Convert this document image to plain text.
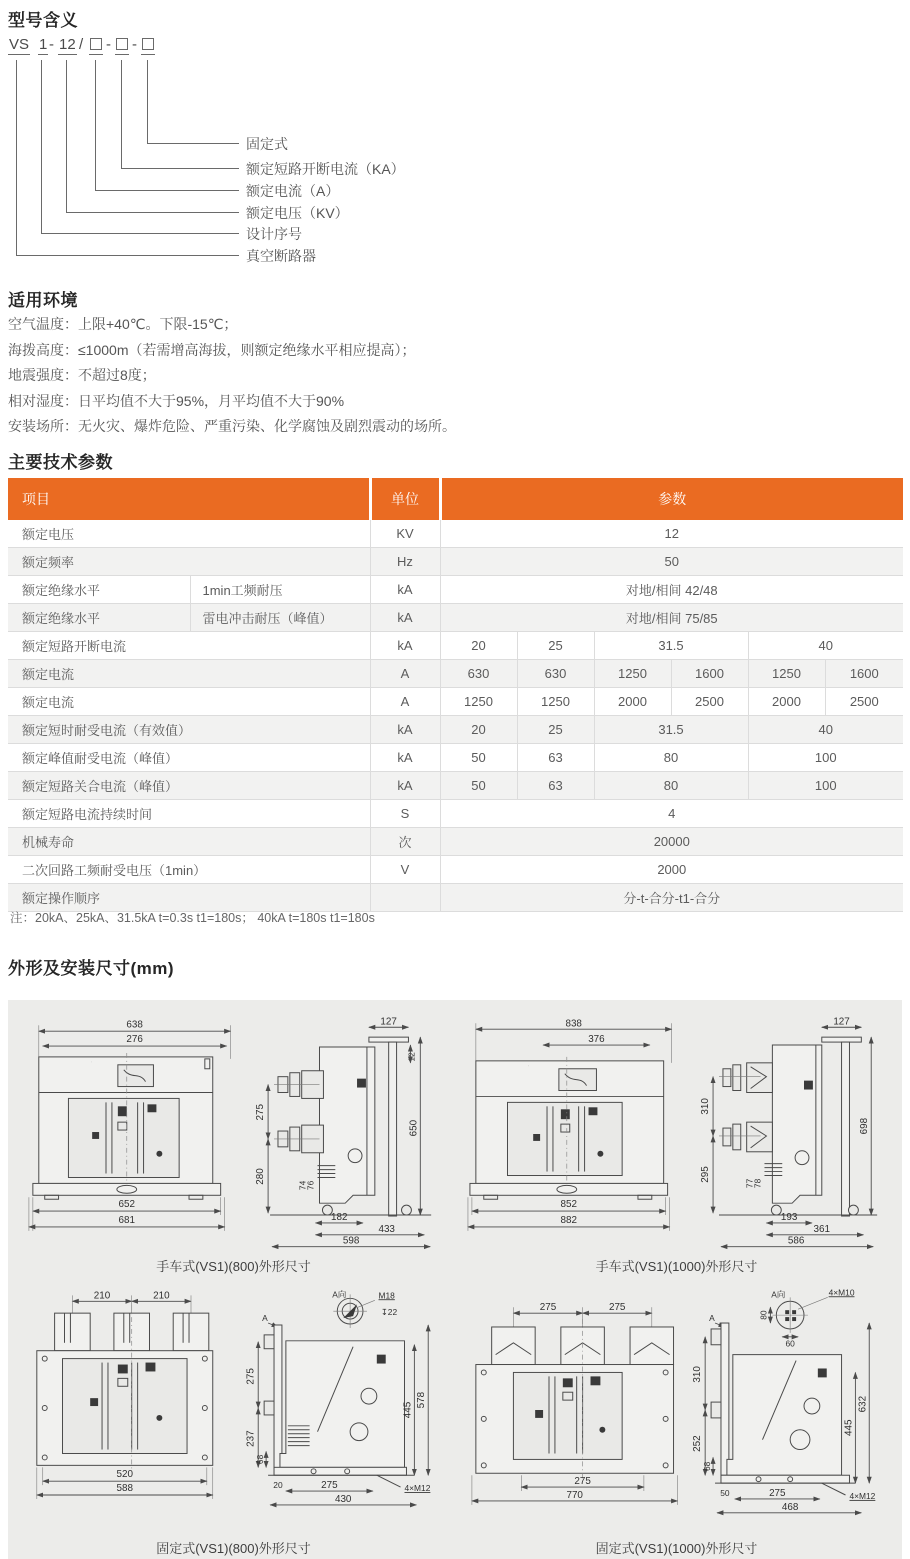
型号含义
VS 1 - 12 / - -
固定式
额定短路开断电流（KA）
额定电流（A）
额定电压（KV）
设计序号
真空断路器
适用环境
空气温度：上限+40℃。下限-15℃；
海拨高度：≤1000m（若需增高海拔，则额定绝缘水平相应提高）；
地震强度：不超过8度；
相对湿度：日平均值不大于95%，月平均值不大于90%
安装场所：无火灾、爆炸危险、严重污染、化学腐蚀及剧烈震动的场所。
主要技术参数
项目		单位	参数					
额定电压		KV	12					
额定频率		Hz	50					
额定绝缘水平	1min工频耐压	kA	对地/相间 42/48					
额定绝缘水平	雷电冲击耐压（峰值）	kA	对地/相间 75/85					
额定短路开断电流		kA	20	25	31.5		40	
额定电流		A	630	630	1250	1600	1250	1600
额定电流		A	1250	1250	2000	2500	2000	2500
额定短时耐受电流（有效值）		kA	20	25	31.5		40	
额定峰值耐受电流（峰值）		kA	50	63	80		100	
额定短路关合电流（峰值）		kA	50	63	80		100	
额定短路电流持续时间		S	4					
机械寿命		次	20000					
二次回路工频耐受电压（1min）		V	2000					
额定操作顺序			分-t-合分-t1-合分					
注：20kA、25kA、31.5kA t=0.3s t1=180s； 40kA t=180s t1=180s
外形及安装尺寸(mm)
638
276
652
681
127
12
275
280
650
74
76
182
433
598
手车式(VS1)(800)外形尺寸
838
376
852
882
127
310
295
77
78
698
193
361
586
手车式(VS1)(1000)外形尺寸
A向	M18
↧22
210	210
520
588
A
275
237
68
445
578
20	275
430
4×M12
固定式(VS1)(800)外形尺寸
A向	4×M10
80
60
275	275
275
770
A
310
252
68
445
632
50	275
468
4×M12
固定式(VS1)(1000)外形尺寸
